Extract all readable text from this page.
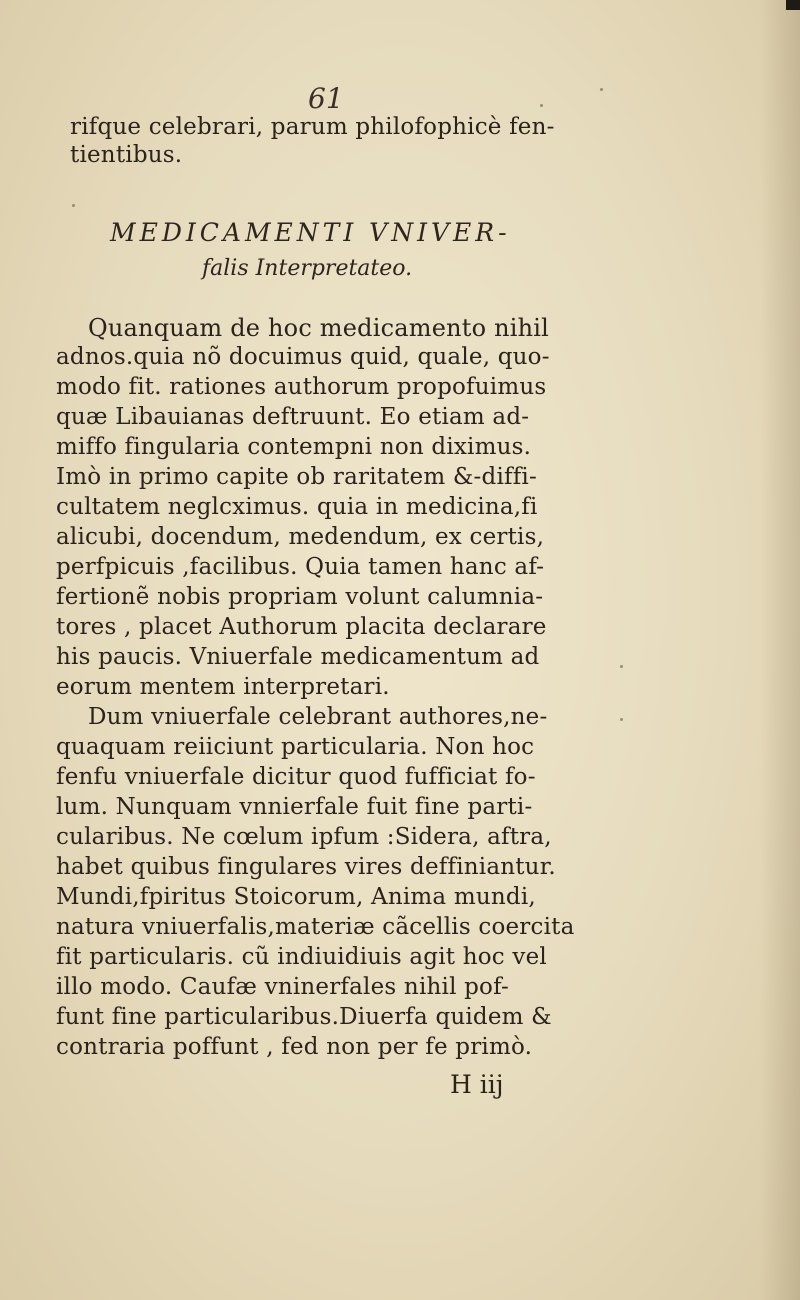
61
rifque celebrari, parum philofophicè fen-
tientibus.
MEDICAMENTI VNIVER-
falis Interpretateo.
Quanquam de hoc medicamento nihil
adnos.quia nõ docuimus quid, quale, quo-
modo fit. rationes authorum propofuimus
quæ Libauianas deftruunt. Eo etiam ad-
miffo fingularia contempni non diximus.
Imò in primo capite ob raritatem &-diffi-
cultatem neglcximus. quia in medicina,fi
alicubi, docendum, medendum, ex certis,
perfpicuis ,facilibus. Quia tamen hanc af-
fertionẽ nobis propriam volunt calumnia-
tores , placet Authorum placita declarare
his paucis. Vniuerfale medicamentum ad
eorum mentem interpretari.
Dum vniuerfale celebrant authores,ne-
quaquam reiiciunt particularia. Non hoc
fenfu vniuerfale dicitur quod fufficiat fo-
lum. Nunquam vnnierfale fuit fine parti-
cularibus. Ne cœlum ipfum :Sidera, aftra,
habet quibus fingulares vires deffiniantur.
Mundi,fpiritus Stoicorum, Anima mundi,
natura vniuerfalis,materiæ cãcellis coercita
fit particularis. cũ indiuidiuis agit hoc vel
illo modo. Caufæ vninerfales nihil pof-
funt fine particularibus.Diuerfa quidem &
contraria poffunt , fed non per fe primò.
H iij
